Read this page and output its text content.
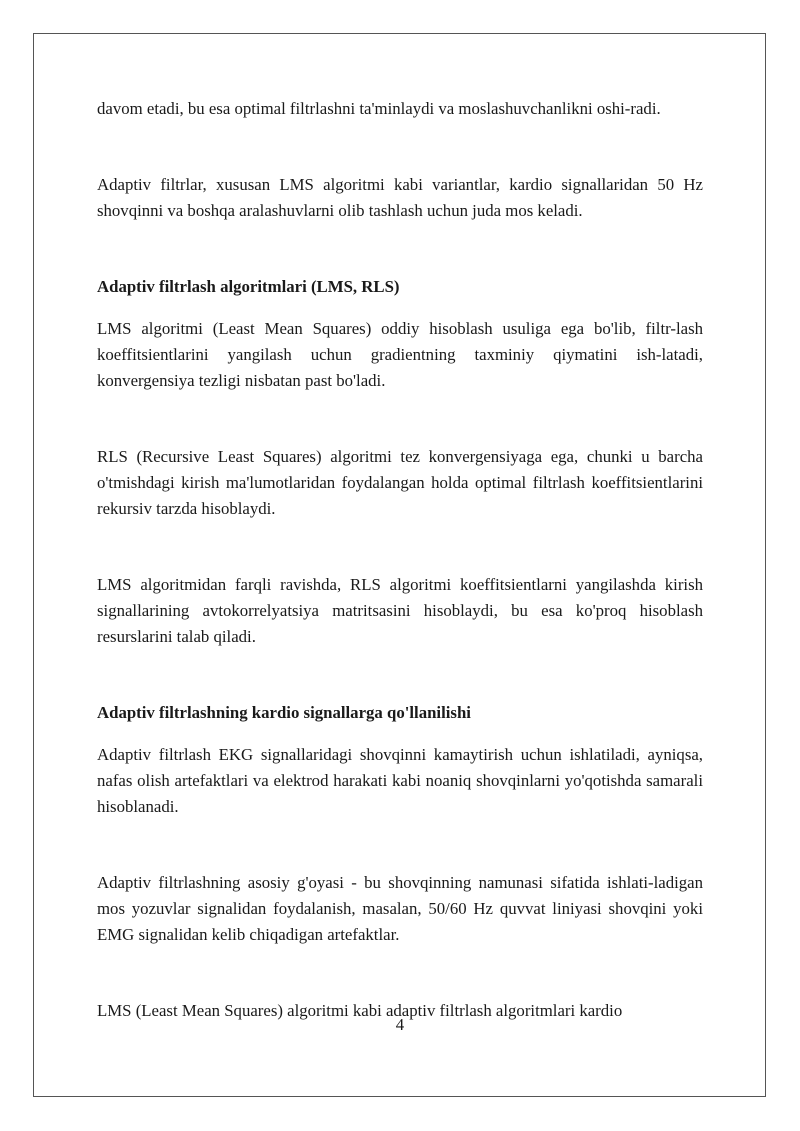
davom etadi, bu esa optimal filtrlashni ta'minlaydi va moslashuvchanlikni oshi-radi.

Adaptiv filtrlar, xususan LMS algoritmi kabi variantlar, kardio signallaridan 50 Hz shovqinni va boshqa aralashuvlarni olib tashlash uchun juda mos keladi.

Adaptiv filtrlash algoritmlari (LMS, RLS)

LMS algoritmi (Least Mean Squares) oddiy hisoblash usuliga ega bo'lib, filtr-lash koeffitsientlarini yangilash uchun gradientning taxminiy qiymatini ish-latadi, konvergensiya tezligi nisbatan past bo'ladi.

RLS (Recursive Least Squares) algoritmi tez konvergensiyaga ega, chunki u barcha o'tmishdagi kirish ma'lumotlaridan foydalangan holda optimal filtrlash koeffitsientlarini rekursiv tarzda hisoblaydi.

LMS algoritmidan farqli ravishda, RLS algoritmi koeffitsientlarni yangilashda kirish signallarining avtokorrelyatsiya matritsasini hisoblaydi, bu esa ko'proq hisoblash resurslarini talab qiladi.

Adaptiv filtrlashning kardio signallarga qo'llanilishi

Adaptiv filtrlash EKG signallaridagi shovqinni kamaytirish uchun ishlatiladi, ayniqsa, nafas olish artefaktlari va elektrod harakati kabi noaniq shovqinlarni yo'qotishda samarali hisoblanadi.

Adaptiv filtrlashning asosiy g'oyasi - bu shovqinning namunasi sifatida ishlati-ladigan mos yozuvlar signalidan foydalanish, masalan, 50/60 Hz quvvat liniyasi shovqini yoki EMG signalidan kelib chiqadigan artefaktlar.

LMS (Least Mean Squares) algoritmi kabi adaptiv filtrlash algoritmlari kardio

4
